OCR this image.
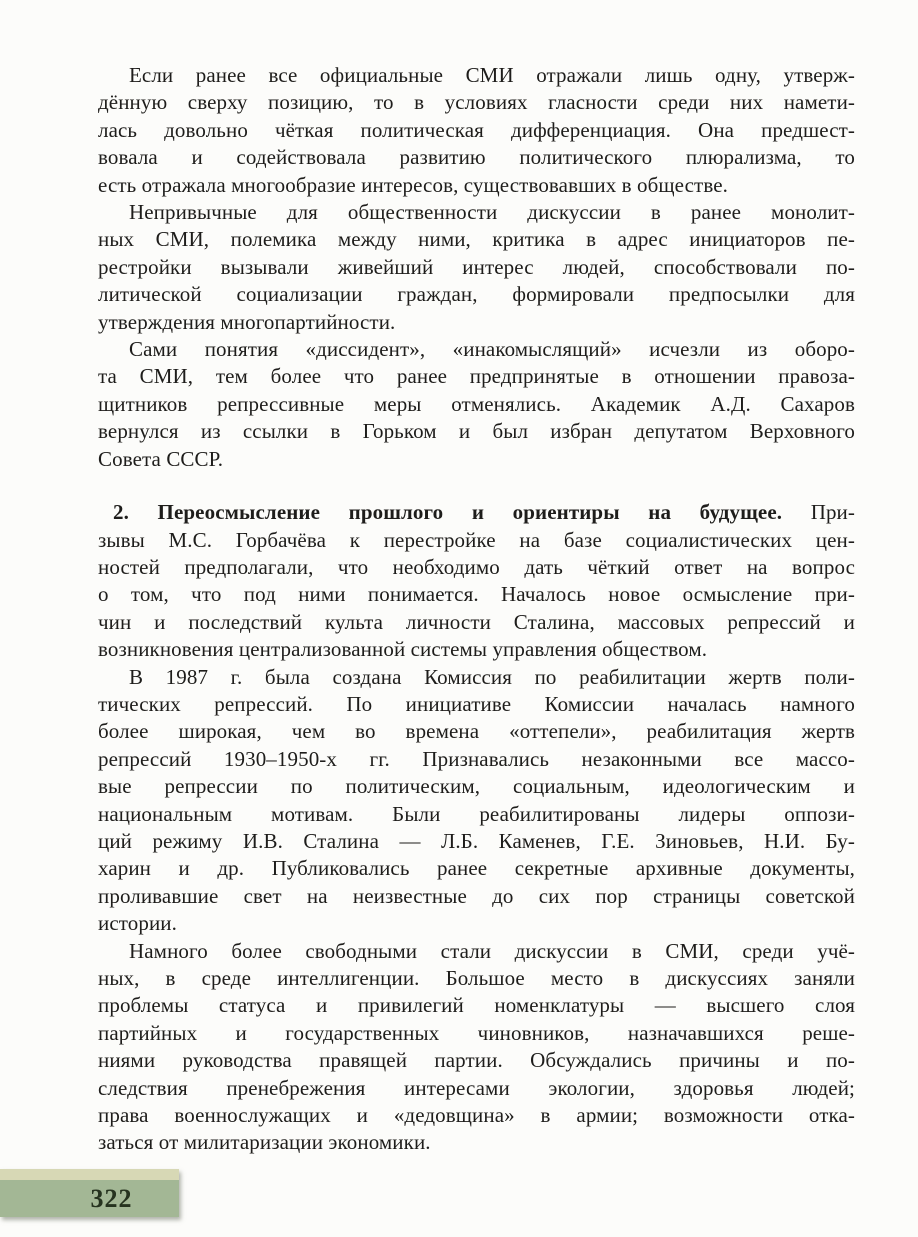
Если ранее все официальные СМИ отражали лишь одну, утверж-
дённую сверху позицию, то в условиях гласности среди них намети-
лась довольно чёткая политическая дифференциация. Она предшест-
вовала и содействовала развитию политического плюрализма, то
есть отражала многообразие интересов, существовавших в обществе.
Непривычные для общественности дискуссии в ранее монолит-
ных СМИ, полемика между ними, критика в адрес инициаторов пе-
рестройки вызывали живейший интерес людей, способствовали по-
литической социализации граждан, формировали предпосылки для
утверждения многопартийности.
Сами понятия «диссидент», «инакомыслящий» исчезли из оборо-
та СМИ, тем более что ранее предпринятые в отношении правоза-
щитников репрессивные меры отменялись. Академик А.Д. Сахаров
вернулся из ссылки в Горьком и был избран депутатом Верховного
Совета СССР.
2. Переосмысление прошлого и ориентиры на будущее. При-
зывы М.С. Горбачёва к перестройке на базе социалистических цен-
ностей предполагали, что необходимо дать чёткий ответ на вопрос
о том, что под ними понимается. Началось новое осмысление при-
чин и последствий культа личности Сталина, массовых репрессий и
возникновения централизованной системы управления обществом.
В 1987 г. была создана Комиссия по реабилитации жертв поли-
тических репрессий. По инициативе Комиссии началась намного
более широкая, чем во времена «оттепели», реабилитация жертв
репрессий 1930–1950-х гг. Признавались незаконными все массо-
вые репрессии по политическим, социальным, идеологическим и
национальным мотивам. Были реабилитированы лидеры оппози-
ций режиму И.В. Сталина — Л.Б. Каменев, Г.Е. Зиновьев, Н.И. Бу-
харин и др. Публиковались ранее секретные архивные документы,
проливавшие свет на неизвестные до сих пор страницы советской
истории.
Намного более свободными стали дискуссии в СМИ, среди учё-
ных, в среде интеллигенции. Большое место в дискуссиях заняли
проблемы статуса и привилегий номенклатуры — высшего слоя
партийных и государственных чиновников, назначавшихся реше-
ниями руководства правящей партии. Обсуждались причины и по-
следствия пренебрежения интересами экологии, здоровья людей;
права военнослужащих и «дедовщина» в армии; возможности отка-
заться от милитаризации экономики.
322
